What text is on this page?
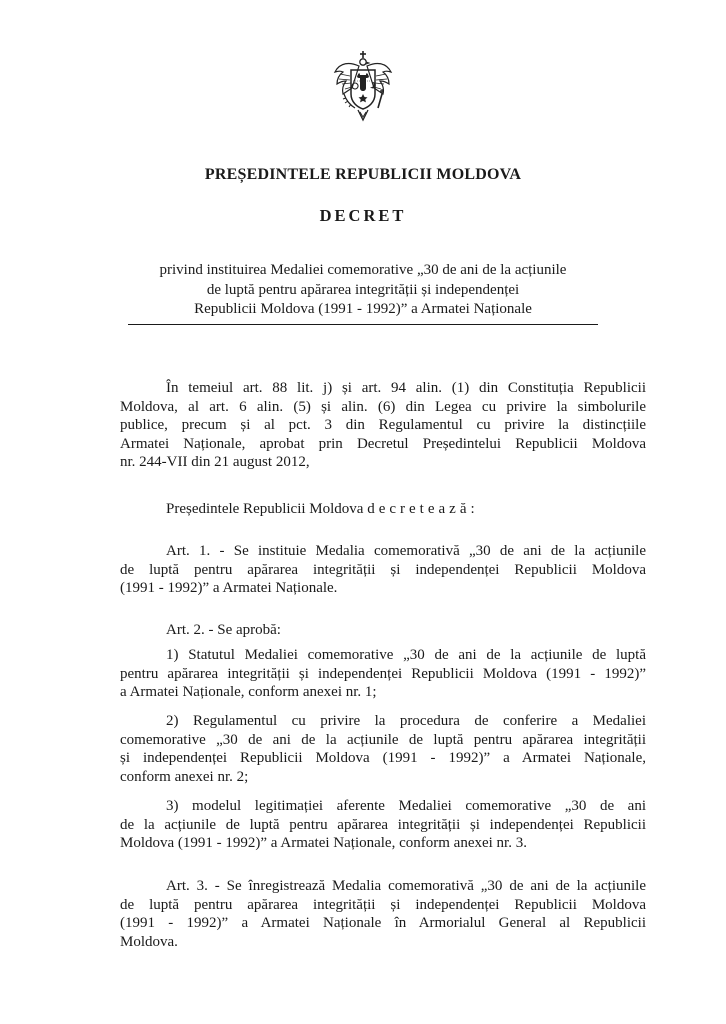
PREȘEDINTELE REPUBLICII MOLDOVA
DECRET
privind instituirea Medaliei comemorative „30 de ani de la acțiunile
de luptă pentru apărarea integrității și independenței
Republicii Moldova (1991 - 1992)” a Armatei Naționale
În temeiul art. 88 lit. j) și art. 94 alin. (1) din Constituția Republicii
Moldova, al art. 6 alin. (5) și alin. (6) din Legea cu privire la simbolurile
publice, precum și al pct. 3 din Regulamentul cu privire la distincțiile
Armatei Naționale, aprobat prin Decretul Președintelui Republicii Moldova
nr. 244-VII din 21 august 2012,
Președintele Republicii Moldova decretează:
Art. 1. - Se instituie Medalia comemorativă „30 de ani de la acțiunile
de luptă pentru apărarea integrității și independenței Republicii Moldova
(1991 - 1992)” a Armatei Naționale.
Art. 2. - Se aprobă:
1) Statutul Medaliei comemorative „30 de ani de la acțiunile de luptă
pentru apărarea integrității și independenței Republicii Moldova (1991 - 1992)”
a Armatei Naționale, conform anexei nr. 1;
2) Regulamentul cu privire la procedura de conferire a Medaliei
comemorative „30 de ani de la acțiunile de luptă pentru apărarea integrității
și independenței Republicii Moldova (1991 - 1992)” a Armatei Naționale,
conform anexei nr. 2;
3) modelul legitimației aferente Medaliei comemorative „30 de ani
de la acțiunile de luptă pentru apărarea integrității și independenței Republicii
Moldova (1991 - 1992)” a Armatei Naționale, conform anexei nr. 3.
Art. 3. - Se înregistrează Medalia comemorativă „30 de ani de la acțiunile
de luptă pentru apărarea integrității și independenței Republicii Moldova
(1991 - 1992)” a Armatei Naționale în Armorialul General al Republicii
Moldova.
